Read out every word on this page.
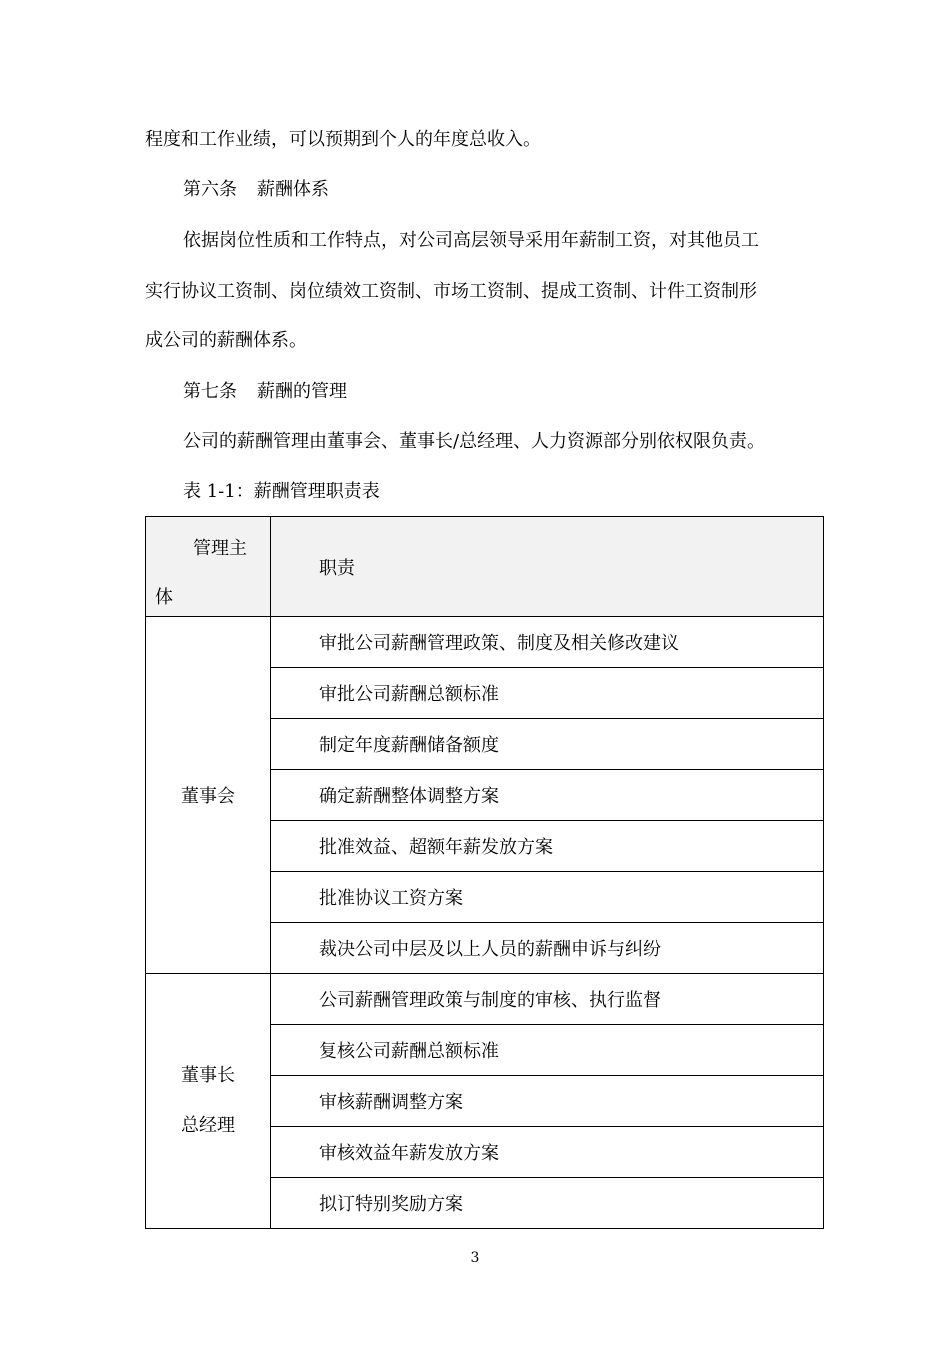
程度和工作业绩，可以预期到个人的年度总收入。
第六条 薪酬体系
依据岗位性质和工作特点，对公司高层领导采用年薪制工资，对其他员工
实行协议工资制、岗位绩效工资制、市场工资制、提成工资制、计件工资制形
成公司的薪酬体系。
第七条 薪酬的管理
公司的薪酬管理由董事会、董事长/总经理、人力资源部分别依权限负责。
表 1-1：薪酬管理职责表
管理主
体	职责
董事会	审批公司薪酬管理政策、制度及相关修改建议
	审批公司薪酬总额标准
	制定年度薪酬储备额度
	确定薪酬整体调整方案
	批准效益、超额年薪发放方案
	批准协议工资方案
	裁决公司中层及以上人员的薪酬申诉与纠纷

董事长
总经理	公司薪酬管理政策与制度的审核、执行监督
	复核公司薪酬总额标准
	审核薪酬调整方案
	审核效益年薪发放方案
	拟订特别奖励方案
3
